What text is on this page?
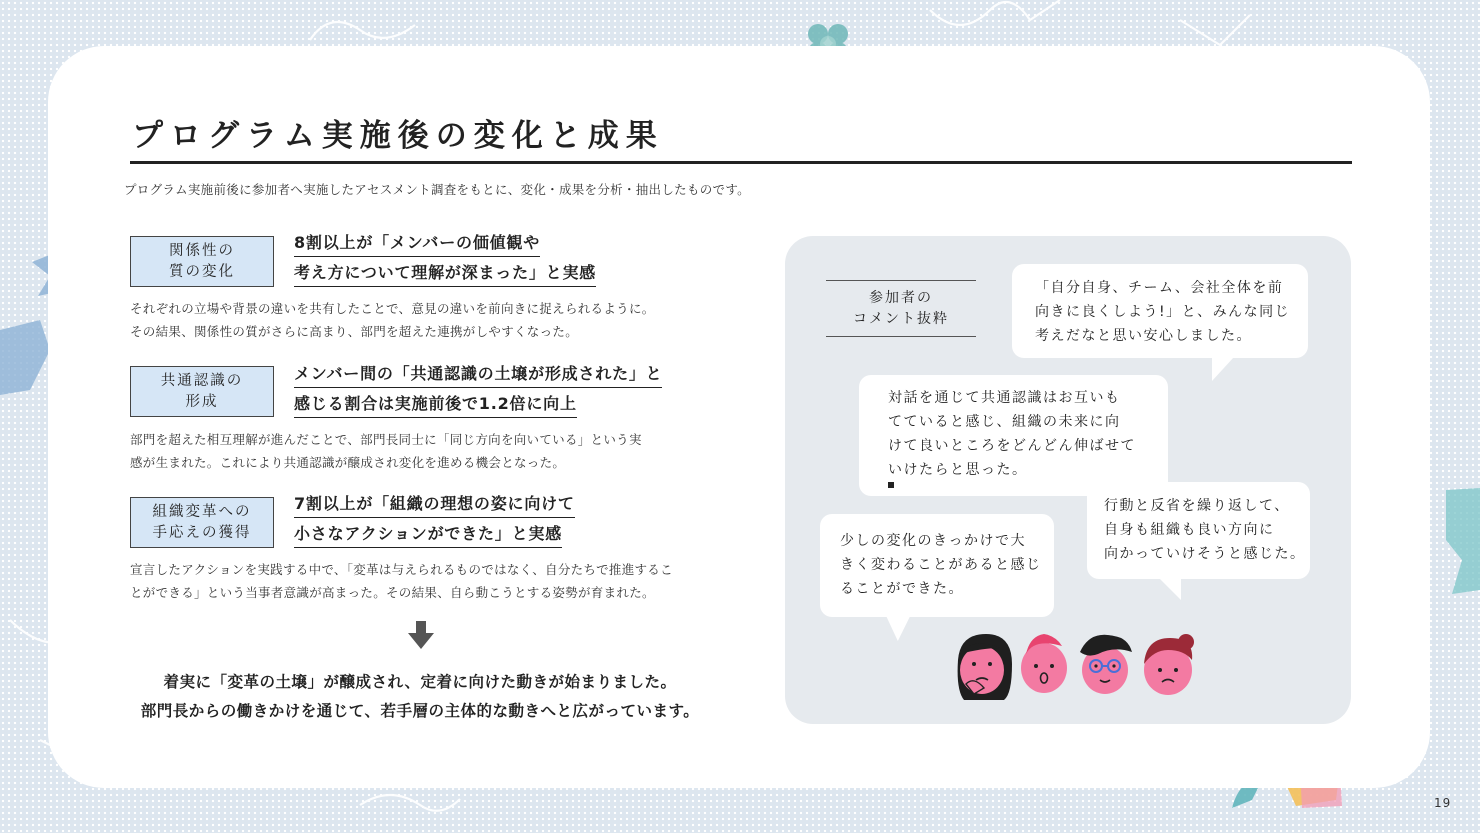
プログラム実施後の変化と成果

プログラム実施前後に参加者へ実施したアセスメント調査をもとに、変化・成果を分析・抽出したものです。

関係性の
質の変化
8割以上が「メンバーの価値観や
考え方について理解が深まった」と実感

それぞれの立場や背景の違いを共有したことで、意見の違いを前向きに捉えられるように。
その結果、関係性の質がさらに高まり、部門を超えた連携がしやすくなった。

共通認識の
形成
メンバー間の「共通認識の土壌が形成された」と
感じる割合は実施前後で1.2倍に向上

部門を超えた相互理解が進んだことで、部門長同士に「同じ方向を向いている」という実
感が生まれた。これにより共通認識が醸成され変化を進める機会となった。

組織変革への
手応えの獲得
7割以上が「組織の理想の姿に向けて
小さなアクションができた」と実感

宣言したアクションを実践する中で、「変革は与えられるものではなく、自分たちで推進するこ
とができる」という当事者意識が高まった。その結果、自ら動こうとする姿勢が育まれた。

着実に「変革の土壌」が醸成され、定着に向けた動きが始まりました。
部門長からの働きかけを通じて、若手層の主体的な動きへと広がっています。
参加者の
コメント抜粋
「自分自身、チーム、会社全体を前
向きに良くしよう!」と、みんな同じ
考えだなと思い安心しました。
対話を通じて共通認識はお互いも
てていると感じ、組織の未来に向
けて良いところをどんどん伸ばせて
いけたらと思った。
行動と反省を繰り返して、
自身も組織も良い方向に
向かっていけそうと感じた。
少しの変化のきっかけで大
きく変わることがあると感じ
ることができた。
19
